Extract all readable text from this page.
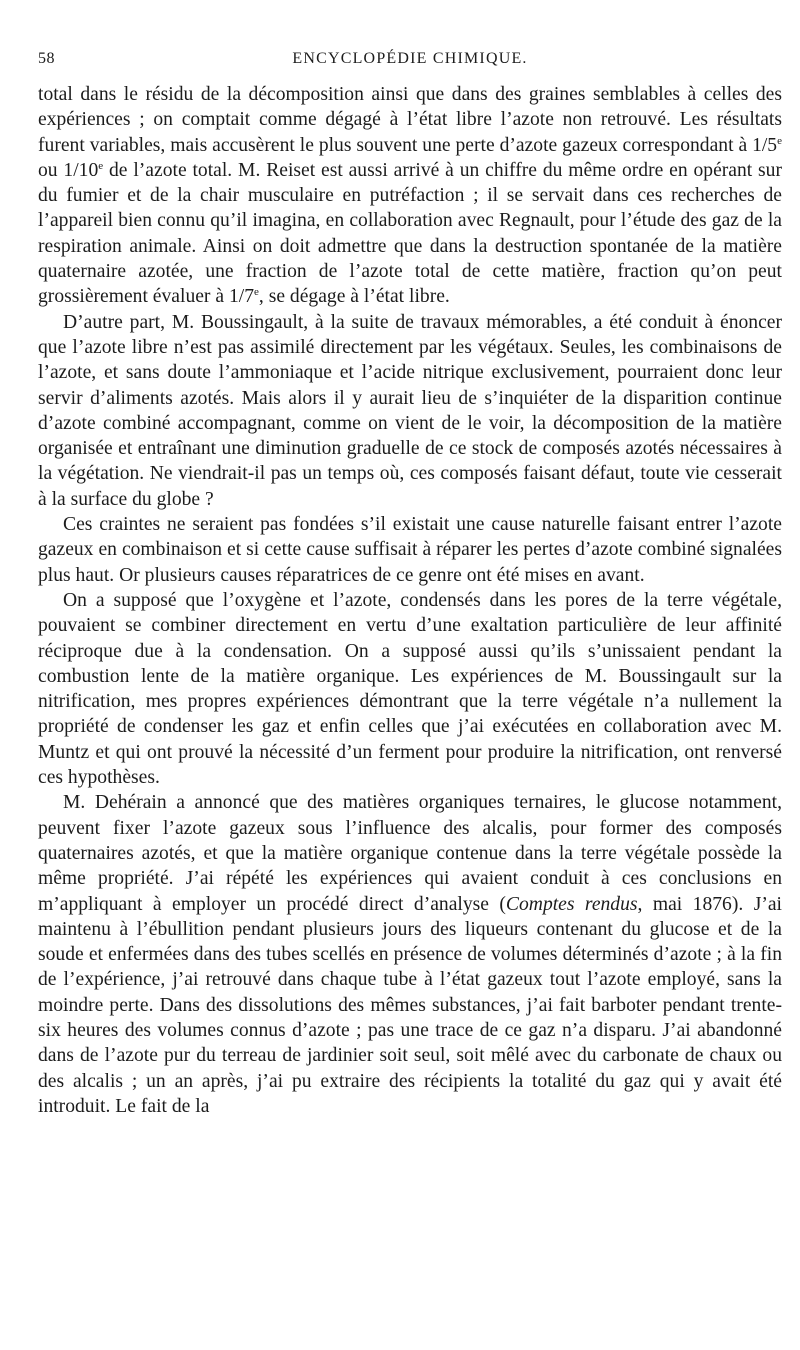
58	ENCYCLOPÉDIE CHIMIQUE.

total dans le résidu de la décomposition ainsi que dans des graines semblables à celles des expériences ; on comptait comme dégagé à l’état libre l’azote non retrouvé. Les résultats furent variables, mais accusèrent le plus souvent une perte d’azote gazeux correspondant à 1/5e ou 1/10e de l’azote total. M. Reiset est aussi arrivé à un chiffre du même ordre en opérant sur du fumier et de la chair musculaire en putréfaction ; il se servait dans ces recherches de l’appareil bien connu qu’il imagina, en collaboration avec Regnault, pour l’étude des gaz de la respiration animale. Ainsi on doit admettre que dans la destruction spontanée de la matière quaternaire azotée, une fraction de l’azote total de cette matière, fraction qu’on peut grossièrement évaluer à 1/7e, se dégage à l’état libre.

D’autre part, M. Boussingault, à la suite de travaux mémorables, a été conduit à énoncer que l’azote libre n’est pas assimilé directement par les végétaux. Seules, les combinaisons de l’azote, et sans doute l’ammoniaque et l’acide nitrique exclusivement, pourraient donc leur servir d’aliments azotés. Mais alors il y aurait lieu de s’inquiéter de la disparition continue d’azote combiné accompagnant, comme on vient de le voir, la décomposition de la matière organisée et entraînant une diminution graduelle de ce stock de composés azotés nécessaires à la végétation. Ne viendrait-il pas un temps où, ces composés faisant défaut, toute vie cesserait à la surface du globe ?

Ces craintes ne seraient pas fondées s’il existait une cause naturelle faisant entrer l’azote gazeux en combinaison et si cette cause suffisait à réparer les pertes d’azote combiné signalées plus haut. Or plusieurs causes réparatrices de ce genre ont été mises en avant.

On a supposé que l’oxygène et l’azote, condensés dans les pores de la terre végétale, pouvaient se combiner directement en vertu d’une exaltation particulière de leur affinité réciproque due à la condensation. On a supposé aussi qu’ils s’unissaient pendant la combustion lente de la matière organique. Les expériences de M. Boussingault sur la nitrification, mes propres expériences démontrant que la terre végétale n’a nullement la propriété de condenser les gaz et enfin celles que j’ai exécutées en collaboration avec M. Muntz et qui ont prouvé la nécessité d’un ferment pour produire la nitrification, ont renversé ces hypothèses.

M. Dehérain a annoncé que des matières organiques ternaires, le glucose notamment, peuvent fixer l’azote gazeux sous l’influence des alcalis, pour former des composés quaternaires azotés, et que la matière organique contenue dans la terre végétale possède la même propriété. J’ai répété les expériences qui avaient conduit à ces conclusions en m’appliquant à employer un procédé direct d’analyse (Comptes rendus, mai 1876). J’ai maintenu à l’ébullition pendant plusieurs jours des liqueurs contenant du glucose et de la soude et enfermées dans des tubes scellés en présence de volumes déterminés d’azote ; à la fin de l’expérience, j’ai retrouvé dans chaque tube à l’état gazeux tout l’azote employé, sans la moindre perte. Dans des dissolutions des mêmes substances, j’ai fait barboter pendant trente-six heures des volumes connus d’azote ; pas une trace de ce gaz n’a disparu. J’ai abandonné dans de l’azote pur du terreau de jardinier soit seul, soit mêlé avec du carbonate de chaux ou des alcalis ; un an après, j’ai pu extraire des récipients la totalité du gaz qui y avait été introduit. Le fait de la
